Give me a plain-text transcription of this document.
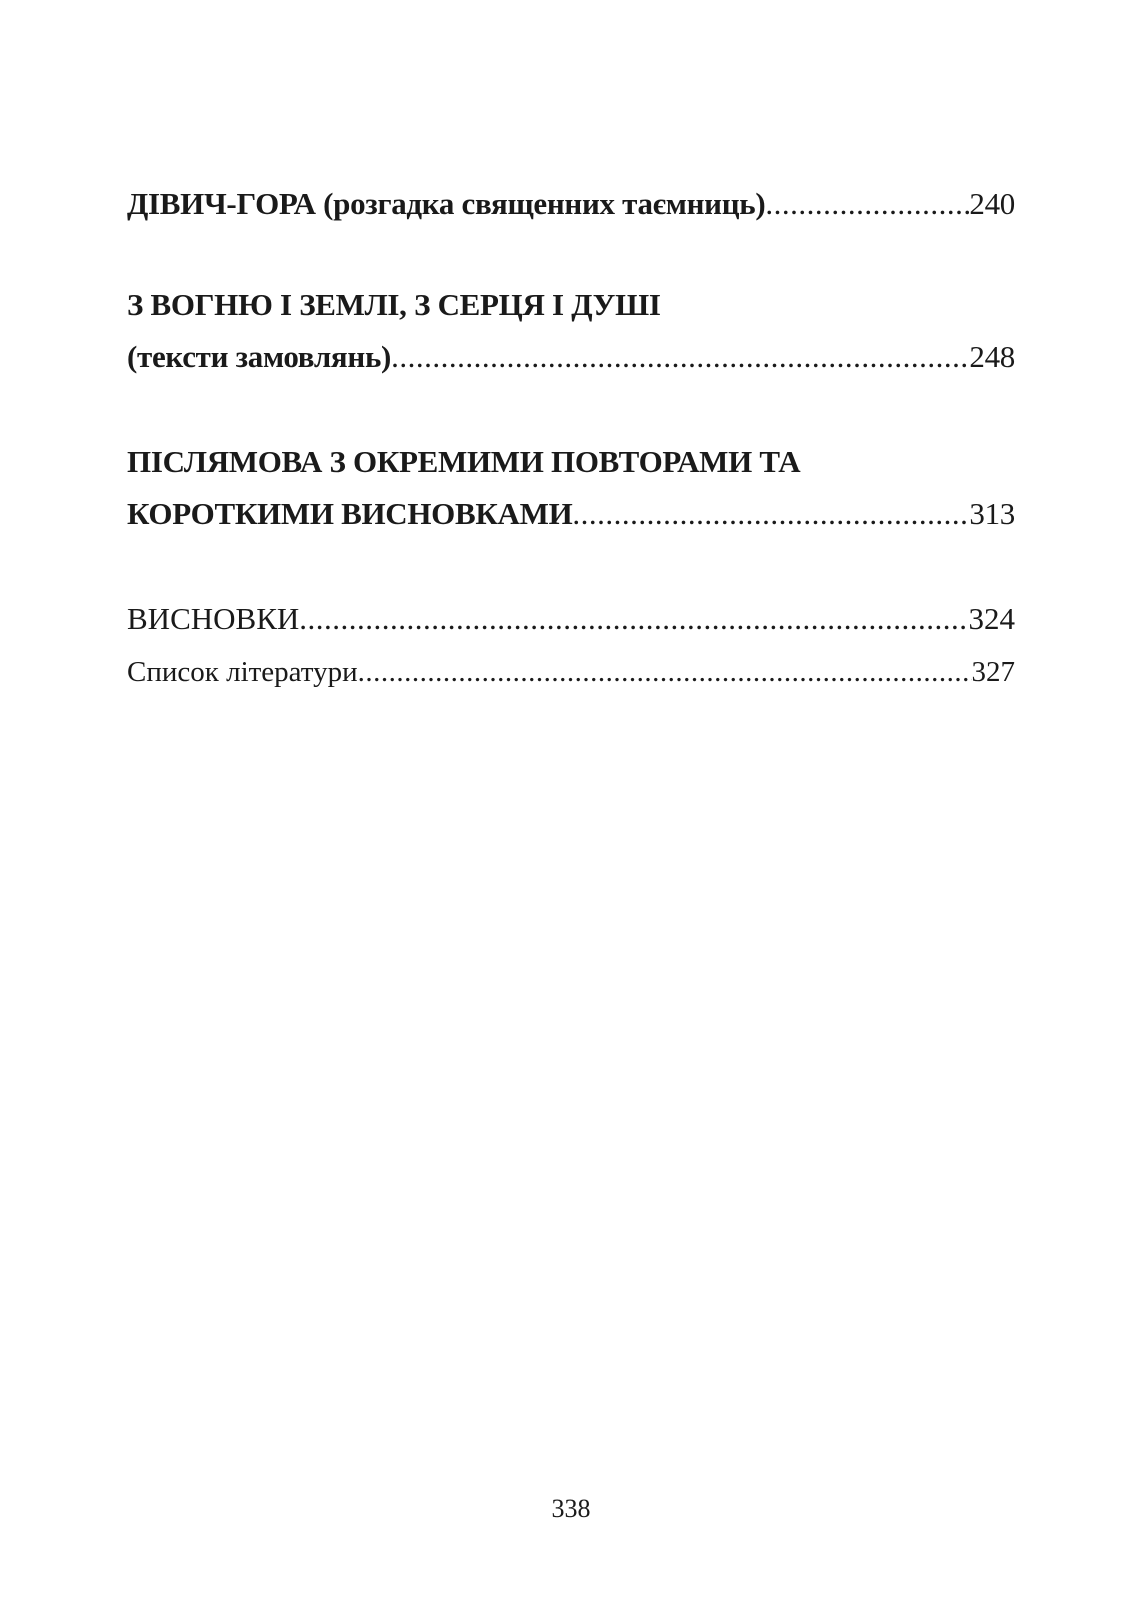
ДІВИЧ-ГОРА (розгадка священних таємниць) .....	240
З ВОГНЮ І ЗЕМЛІ, З СЕРЦЯ І ДУШІ
(тексти замовлянь) .....	248
ПІСЛЯМОВА З ОКРЕМИМИ ПОВТОРАМИ ТА
КОРОТКИМИ ВИСНОВКАМИ .....	313
ВИСНОВКИ .....	324
Список літератури .....	327
338
